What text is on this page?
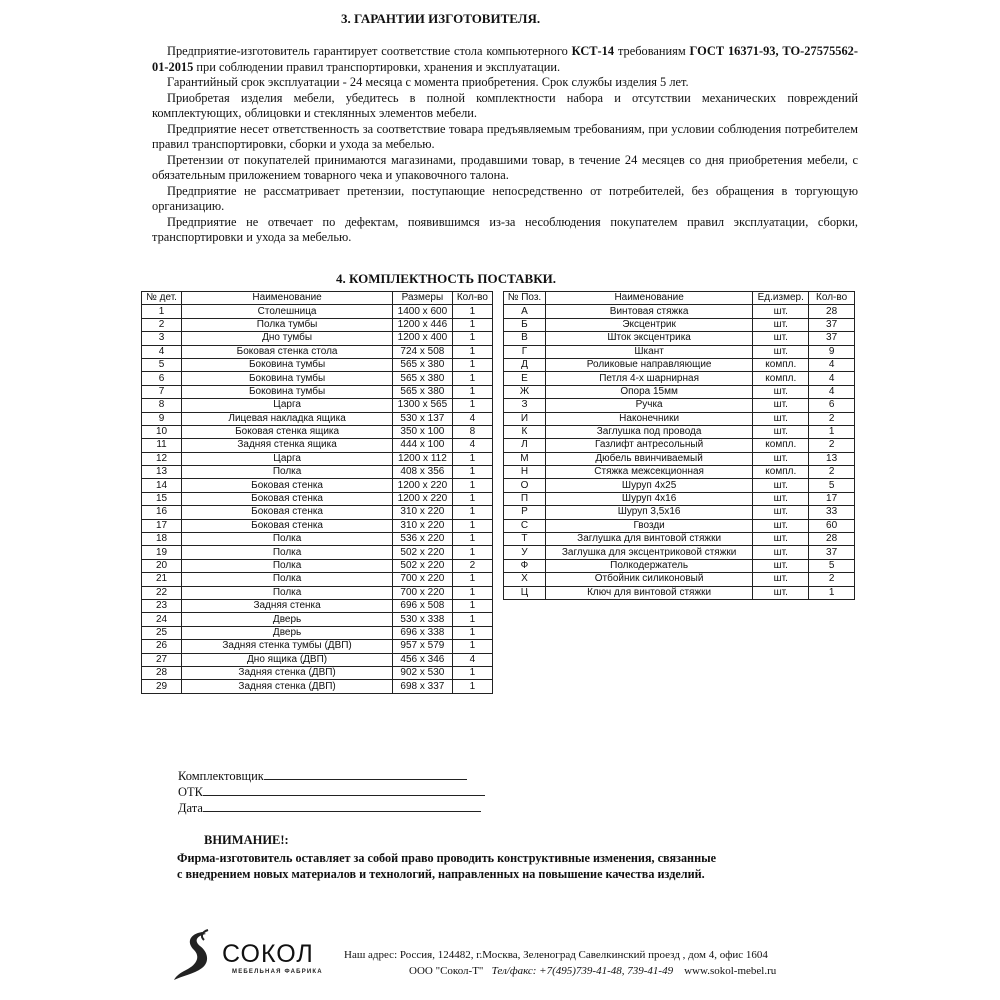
3. ГАРАНТИИ ИЗГОТОВИТЕЛЯ.

Предприятие-изготовитель гарантирует соответствие стола компьютерного КСТ-14 требованиям ГОСТ 16371-93, ТО-27575562-01-2015 при соблюдении правил транспортировки, хранения и эксплуатации.

Гарантийный срок эксплуатации - 24 месяца с момента приобретения. Срок службы изделия 5 лет.

Приобретая изделия мебели, убедитесь в полной комплектности набора и отсутствии механических повреждений комплектующих, облицовки и стеклянных элементов мебели.

Предприятие несет ответственность за соответствие товара предъявляемым требованиям, при условии соблюдения потребителем правил транспортировки, сборки и ухода за мебелью.

Претензии от покупателей принимаются магазинами, продавшими товар, в течение 24 месяцев со дня приобретения мебели, с обязательным приложением товарного чека и упаковочного талона.

Предприятие не рассматривает претензии, поступающие непосредственно от потребителей, без обращения в торгующую организацию.

Предприятие не отвечает по дефектам, появившимся из-за несоблюдения покупателем правил эксплуатации, сборки, транспортировки и ухода за мебелью.

4. КОМПЛЕКТНОСТЬ ПОСТАВКИ.
№ дет.	Наименование	Размеры	Кол-во
1	Столешница	1400 х 600	1
2	Полка тумбы	1200 х 446	1
3	Дно тумбы	1200 х 400	1
4	Боковая стенка стола	724 х 508	1
5	Боковина тумбы	565 х 380	1
6	Боковина тумбы	565 х 380	1
7	Боковина тумбы	565 х 380	1
8	Царга	1300 х 565	1
9	Лицевая накладка ящика	530 х 137	4
10	Боковая стенка ящика	350 х 100	8
11	Задняя стенка ящика	444 х 100	4
12	Царга	1200 х 112	1
13	Полка	408 х 356	1
14	Боковая стенка	1200 х 220	1
15	Боковая стенка	1200 х 220	1
16	Боковая стенка	310 х 220	1
17	Боковая стенка	310 х 220	1
18	Полка	536 х 220	1
19	Полка	502 х 220	1
20	Полка	502 х 220	2
21	Полка	700 х 220	1
22	Полка	700 х 220	1
23	Задняя стенка	696 х 508	1
24	Дверь	530 х 338	1
25	Дверь	696 х 338	1
26	Задняя стенка тумбы (ДВП)	957 х 579	1
27	Дно ящика (ДВП)	456 х 346	4
28	Задняя стенка (ДВП)	902 х 530	1
29	Задняя стенка (ДВП)	698 х 337	1
№ Поз.	Наименование	Ед.измер.	Кол-во
А	Винтовая стяжка	шт.	28
Б	Эксцентрик	шт.	37
В	Шток эксцентрика	шт.	37
Г	Шкант	шт.	9
Д	Роликовые направляющие	компл.	4
Е	Петля 4-х шарнирная	компл.	4
Ж	Опора 15мм	шт.	4
З	Ручка	шт.	6
И	Наконечники	шт.	2
К	Заглушка под провода	шт.	1
Л	Газлифт антресольный	компл.	2
М	Дюбель ввинчиваемый	шт.	13
Н	Стяжка межсекционная	компл.	2
О	Шуруп 4х25	шт.	5
П	Шуруп 4х16	шт.	17
Р	Шуруп 3,5х16	шт.	33
С	Гвозди	шт.	60
Т	Заглушка для винтовой стяжки	шт.	28
У	Заглушка для эксцентриковой стяжки	шт.	37
Ф	Полкодержатель	шт.	5
Х	Отбойник силиконовый	шт.	2
Ц	Ключ для винтовой стяжки	шт.	1
Комплектовщик
ОТК
Дата
ВНИМАНИЕ!:
Фирма-изготовитель оставляет за собой право проводить конструктивные изменения, связанные
с внедрением новых материалов и технологий, направленных на повышение качества изделий.
СОКОЛ
МЕБЕЛЬНАЯ ФАБРИКА
Наш адрес: Россия, 124482, г.Москва, Зеленоград Савелкинский проезд , дом 4, офис 1604
ООО "Сокол-Т" Тел/факс: +7(495)739-41-48, 739-41-49 www.sokol-mebel.ru
